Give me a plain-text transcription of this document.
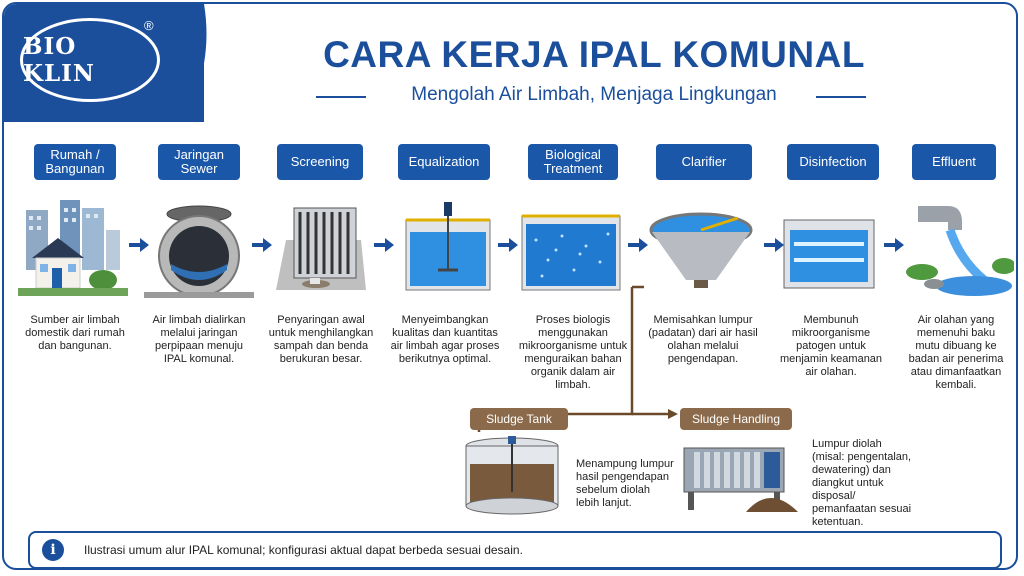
BIO KLIN
®
CARA KERJA IPAL KOMUNAL
Mengolah Air Limbah, Menjaga Lingkungan
Rumah / Bangunan
Jaringan Sewer	Screening	Equalization	Biological Treatment	Clarifier	Disinfection	Effluent
Sumber air limbah domestik dari rumah dan bangunan.
Air limbah dialirkan melalui jaringan perpipaan menuju IPAL komunal.
Penyaringan awal untuk menghilangkan sampah dan benda berukuran besar.
Menyeimbangkan kualitas dan kuantitas air limbah agar proses berikutnya optimal.
Proses biologis menggunakan mikroorganisme untuk menguraikan bahan organik dalam air limbah.
Memisahkan lumpur (padatan) dari air hasil olahan melalui pengendapan.
Membunuh mikroorganisme patogen untuk menjamin keamanan air olahan.
Air olahan yang memenuhi baku mutu dibuang ke badan air penerima atau dimanfaatkan kembali.
Sludge Tank	Sludge Handling
Menampung lumpur hasil pengendapan sebelum diolah lebih lanjut.
Lumpur diolah (misal: pengentalan, dewatering) dan diangkut untuk disposal/ pemanfaatan sesuai ketentuan.
i	Ilustrasi umum alur IPAL komunal; konfigurasi aktual dapat berbeda sesuai desain.
